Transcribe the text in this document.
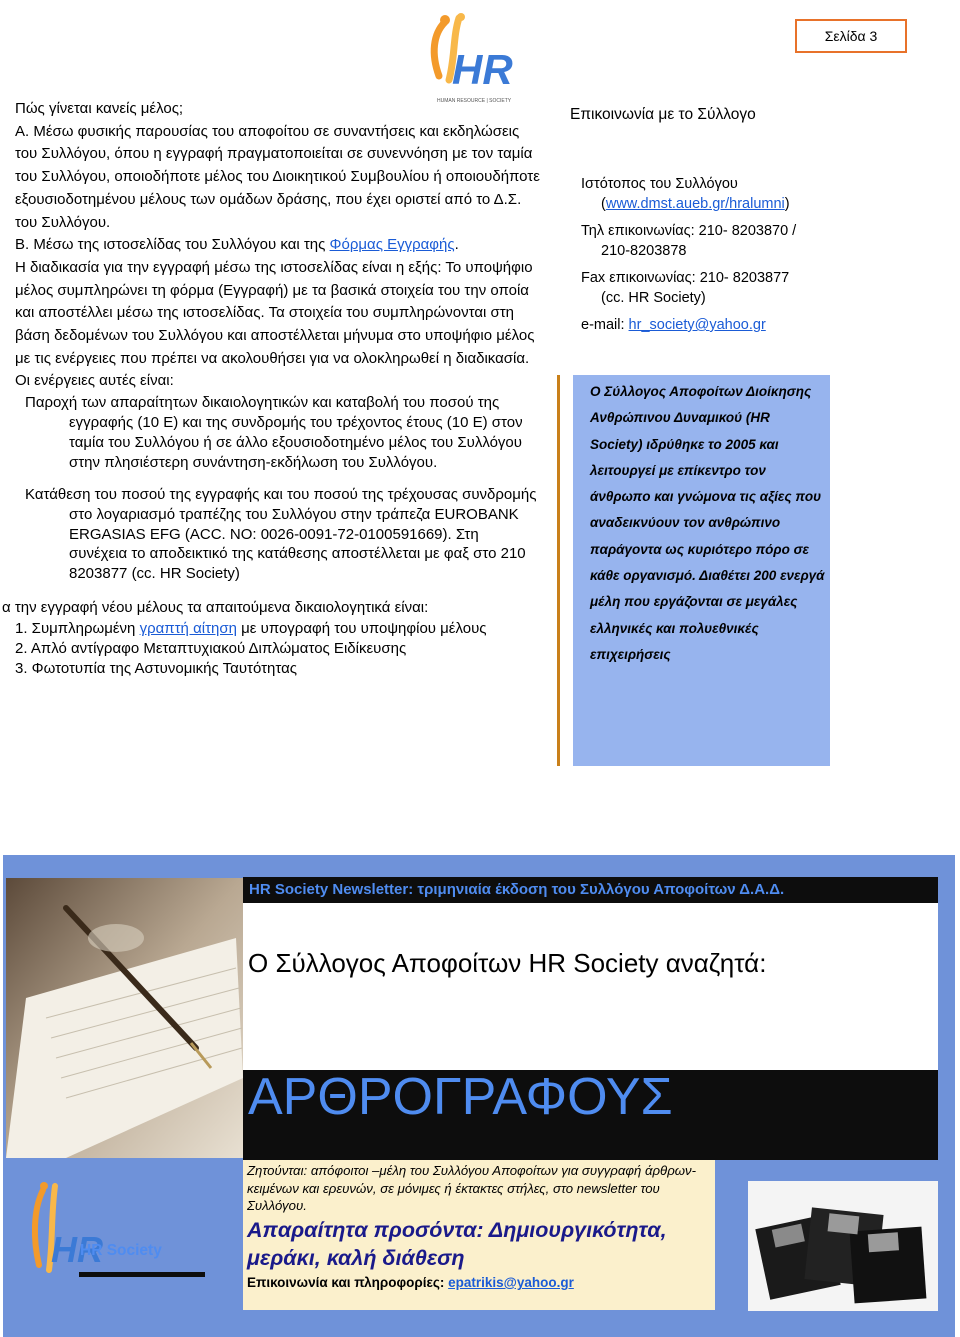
Σελίδα 3
HR
HUMAN RESOURCE | SOCIETY

Πώς γίνεται κανείς μέλος;

Α. Μέσω φυσικής παρουσίας του αποφοίτου σε συναντήσεις και εκδηλώσεις του Συλλόγου, όπου η εγγραφή πραγματοποιείται σε συνεννόηση με τον ταμία του Συλλόγου, οποιοδήποτε μέλος του Διοικητικού Συμβουλίου ή οποιουδήποτε εξουσιοδοτημένου μέλους των ομάδων δράσης, που έχει οριστεί από το Δ.Σ. του Συλλόγου.

Β. Μέσω της ιστοσελίδας του Συλλόγου και της Φόρμας Εγγραφής.

Η διαδικασία για την εγγραφή μέσω της ιστοσελίδας είναι η εξής: Το υποψήφιο μέλος συμπληρώνει τη φόρμα (Εγγραφή) με τα βασικά στοιχεία του την οποία και αποστέλλει μέσω της ιστοσελίδας. Τα στοιχεία του συμπληρώνονται στη βάση δεδομένων του Συλλόγου και αποστέλλεται μήνυμα στο υποψήφιο μέλος με τις ενέργειες που πρέπει να ακολουθήσει για να ολοκληρωθεί η διαδικασία. Οι ενέργειες αυτές είναι:

Παροχή των απαραίτητων δικαιολογητικών και καταβολή του ποσού της εγγραφής (10 Ε) και της συνδρομής του τρέχοντος έτους (10 Ε) στον ταμία του Συλλόγου ή σε άλλο εξουσιοδοτημένο μέλος του Συλλόγου στην πλησιέστερη συνάντηση-εκδήλωση του Συλλόγου.

Κατάθεση του ποσού της εγγραφής και του ποσού της τρέχουσας συνδρομής στο λογαριασμό τραπέζης του Συλλόγου στην τράπεζα EUROBANK ERGASIAS EFG (ACC. NO: 0026-0091-72-0100591669). Στη συνέχεια το αποδεικτικό της κατάθεσης αποστέλλεται με φαξ στο 210 8203877 (cc. HR Society)

α την εγγραφή νέου μέλους τα απαιτούμενα δικαιολογητικά είναι:
1. Συμπληρωμένη γραπτή αίτηση με υπογραφή του υποψηφίου μέλους
2. Απλό αντίγραφο Μεταπτυχιακού Διπλώματος Ειδίκευσης
3. Φωτοτυπία της Αστυνομικής Ταυτότητας
Επικοινωνία με το Σύλλογο
Ιστότοπος του Συλλόγου
(www.dmst.aueb.gr/hralumni)
Τηλ επικοινωνίας: 210- 8203870 /
210-8203878
Fax επικοινωνίας: 210- 8203877
(cc. HR Society)
e-mail: hr_society@yahoo.gr
Ο Σύλλογος Αποφοίτων Διοίκησης Ανθρώπινου Δυναμικού (HR Society) ιδρύθηκε το 2005 και λειτουργεί με επίκεντρο τον άνθρωπο και γνώμονα τις αξίες που αναδεικνύουν τον ανθρώπινο παράγοντα ως κυριότερο πόρο σε κάθε οργανισμό. Διαθέτει 200 ενεργά μέλη που εργάζονται σε μεγάλες ελληνικές και πολυεθνικές επιχειρήσεις
HR Society Newsletter: τριμηνιαία έκδοση του Συλλόγου Αποφοίτων Δ.Α.Δ.
Ο Σύλλογος Αποφοίτων HR Society αναζητά:
ΑΡΘΡΟΓΡΑΦΟΥΣ
HR
HR Society
Ζητούνται: απόφοιτοι –μέλη του Συλλόγου Αποφοίτων για συγγραφή άρθρων-κειμένων και ερευνών, σε μόνιμες ή έκτακτες στήλες, στο newsletter του Συλλόγου.
Απαραίτητα προσόντα: Δημιουργικότητα, μεράκι, καλή διάθεση
Επικοινωνία και πληροφορίες: epatrikis@yahoo.gr
